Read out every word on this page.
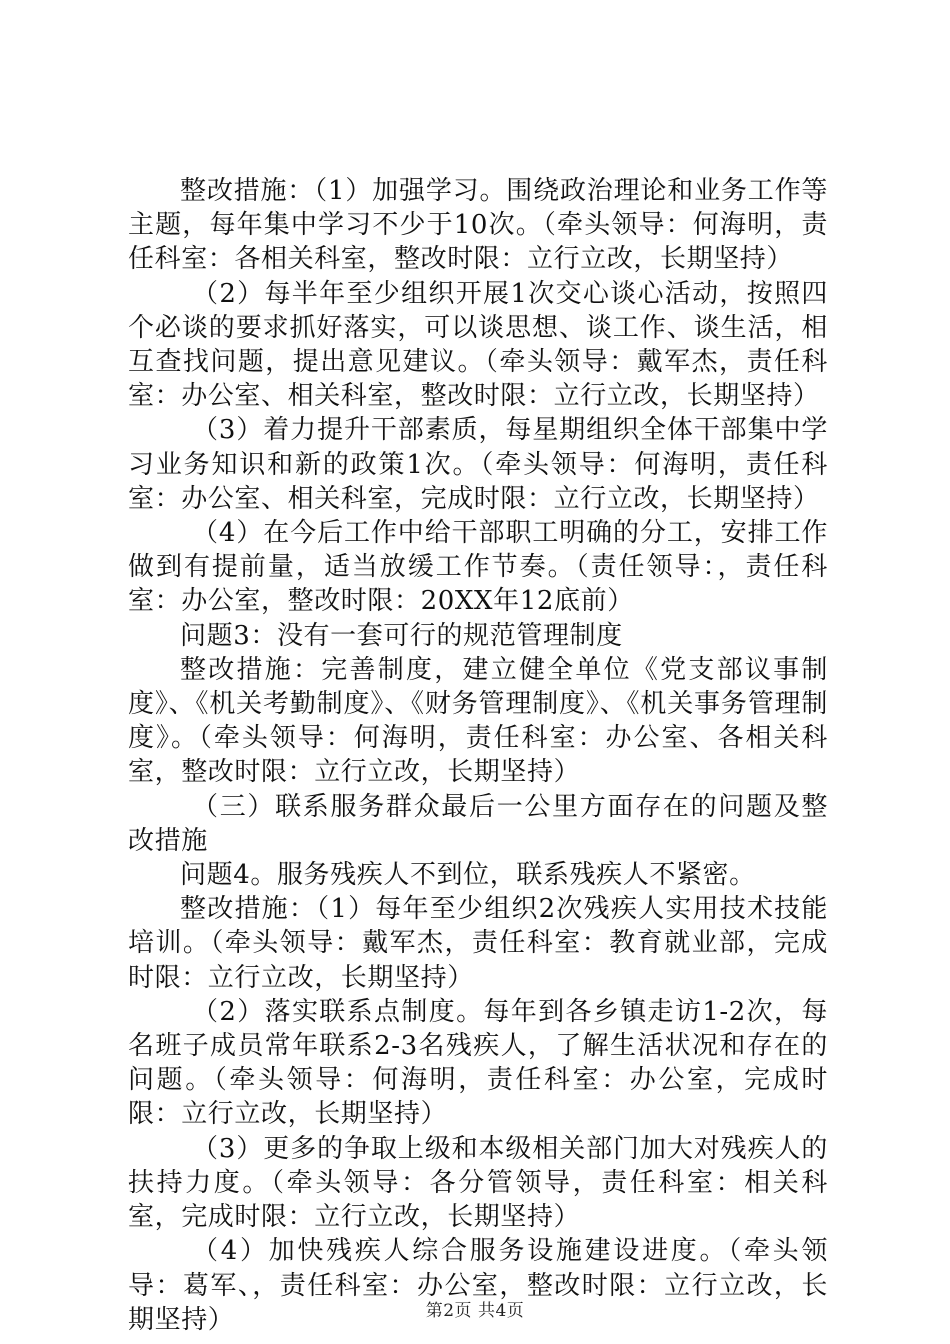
整改措施：（1）加强学习。围绕政治理论和业务工作等主题，每年集中学习不少于10次。（牵头领导：何海明，责任科室：各相关科室，整改时限：立行立改，长期坚持）

（2）每半年至少组织开展1次交心谈心活动，按照四个必谈的要求抓好落实，可以谈思想、谈工作、谈生活，相互查找问题，提出意见建议。（牵头领导：戴军杰，责任科室：办公室、相关科室，整改时限：立行立改，长期坚持）

（3）着力提升干部素质，每星期组织全体干部集中学习业务知识和新的政策1次。（牵头领导：何海明，责任科室：办公室、相关科室，完成时限：立行立改，长期坚持）

（4）在今后工作中给干部职工明确的分工，安排工作做到有提前量，适当放缓工作节奏。（责任领导：，责任科室：办公室，整改时限：20XX年12底前）

问题3：没有一套可行的规范管理制度

整改措施：完善制度，建立健全单位《党支部议事制度》、《机关考勤制度》、《财务管理制度》、《机关事务管理制度》。（牵头领导：何海明，责任科室：办公室、各相关科室，整改时限：立行立改，长期坚持）

（三）联系服务群众最后一公里方面存在的问题及整改措施

问题4。服务残疾人不到位，联系残疾人不紧密。

整改措施：（1）每年至少组织2次残疾人实用技术技能培训。（牵头领导：戴军杰，责任科室：教育就业部，完成时限：立行立改，长期坚持）

（2）落实联系点制度。每年到各乡镇走访1-2次，每名班子成员常年联系2-3名残疾人，了解生活状况和存在的问题。（牵头领导：何海明，责任科室：办公室，完成时限：立行立改，长期坚持）

（3）更多的争取上级和本级相关部门加大对残疾人的扶持力度。（牵头领导：各分管领导，责任科室：相关科室，完成时限：立行立改，长期坚持）

（4）加快残疾人综合服务设施建设进度。（牵头领导：葛军、，责任科室：办公室，整改时限：立行立改，长期坚持）	第2页 共4页
